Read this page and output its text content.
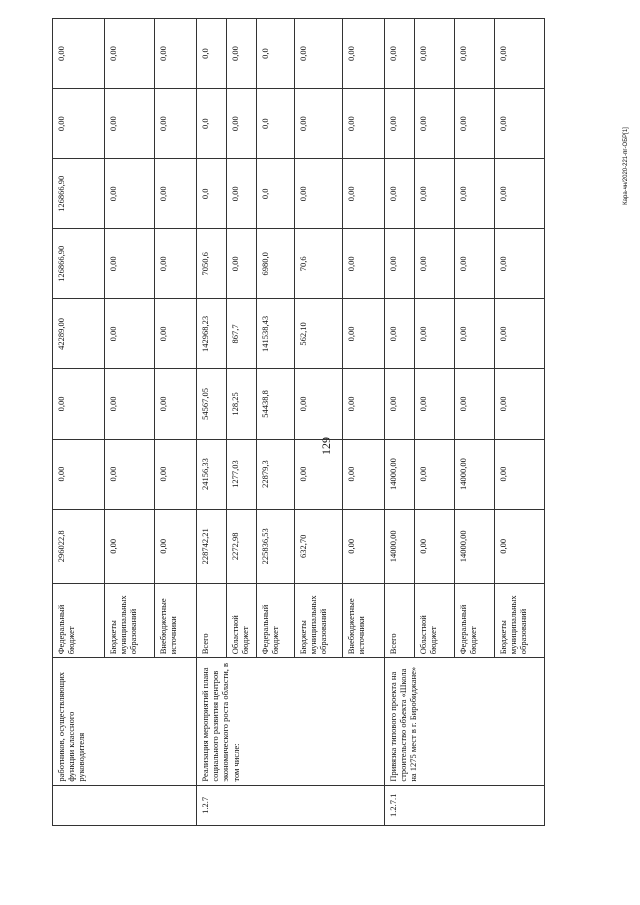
129
Кара-чн/2020-221-пг-ОБР[1]
	работников, осуществляющих функции классного руководителя	Федеральный бюджет	296022,8	0,00	0,00	42289,00	126866,90	126866,90	0,00	0,00
		Бюджеты муниципальных образований	0,00	0,00	0,00	0,00	0,00	0,00	0,00	0,00
		Внебюджетные источники	0,00	0,00	0,00	0,00	0,00	0,00	0,00	0,00
1.2.7	Реализация мероприятий плана социального развития центров экономического роста области, в том числе:	Всего	228742,21	24156,33	54567,05	142968,23	7050,6	0,0	0,0	0,0
		Областной бюджет	2272,98	1277,03	128,25	867,7	0,00	0,00	0,00	0,00
		Федеральный бюджет	225836,53	22879,3	54438,8	141538,43	6980,0	0,0	0,0	0,0
		Бюджеты муниципальных образований	632,70	0,00	0,00	562,10	70,6	0,00	0,00	0,00
		Внебюджетные источники	0,00	0,00	0,00	0,00	0,00	0,00	0,00	0,00
1.2.7.1	Привязка типового проекта на строительство объекта «Школа на 1275 мест в г. Биробиджане»	Всего	14000,00	14000,00	0,00	0,00	0,00	0,00	0,00	0,00
		Областной бюджет	0,00	0,00	0,00	0,00	0,00	0,00	0,00	0,00
		Федеральный бюджет	14000,00	14000,00	0,00	0,00	0,00	0,00	0,00	0,00
		Бюджеты муниципальных образований	0,00	0,00	0,00	0,00	0,00	0,00	0,00	0,00
